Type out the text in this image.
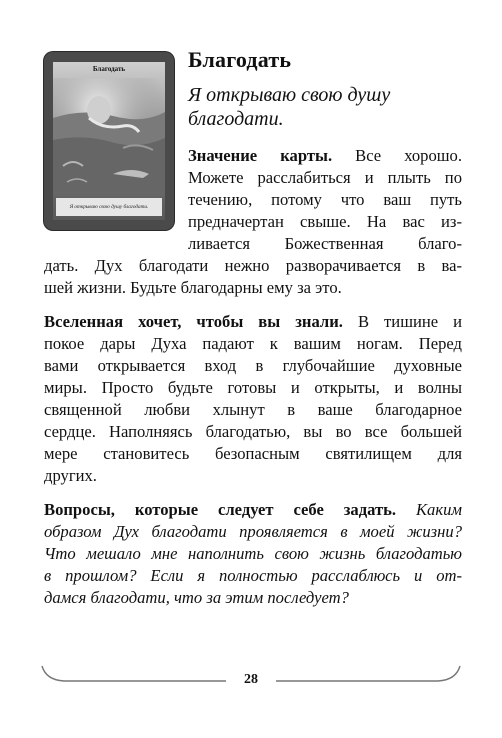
Благодать
Я открываю свою душу благодати.
Благодать
Я открываю свою душу благодати.
Значение карты. Все хорошо.
Можете расслабиться и плыть по
течению, потому что ваш путь
предначертан свыше. На вас из-
ливается Божественная благо-
дать. Дух благодати нежно разворачивается в ва-
шей жизни. Будьте благодарны ему за это.
Вселенная хочет, чтобы вы знали. В тишине и
покое дары Духа падают к вашим ногам. Перед
вами открывается вход в глубочайшие духовные
миры. Просто будьте готовы и открыты, и волны
священной любви хлынут в ваше благодарное
сердце. Наполняясь благодатью, вы во все большей
мере становитесь безопасным святилищем для
других.
Вопросы, которые следует себе задать. Каким
образом Дух благодати проявляется в моей жизни?
Что мешало мне наполнить свою жизнь благодатью
в прошлом? Если я полностью расслаблюсь и от-
дамся благодати, что за этим последует?
28
